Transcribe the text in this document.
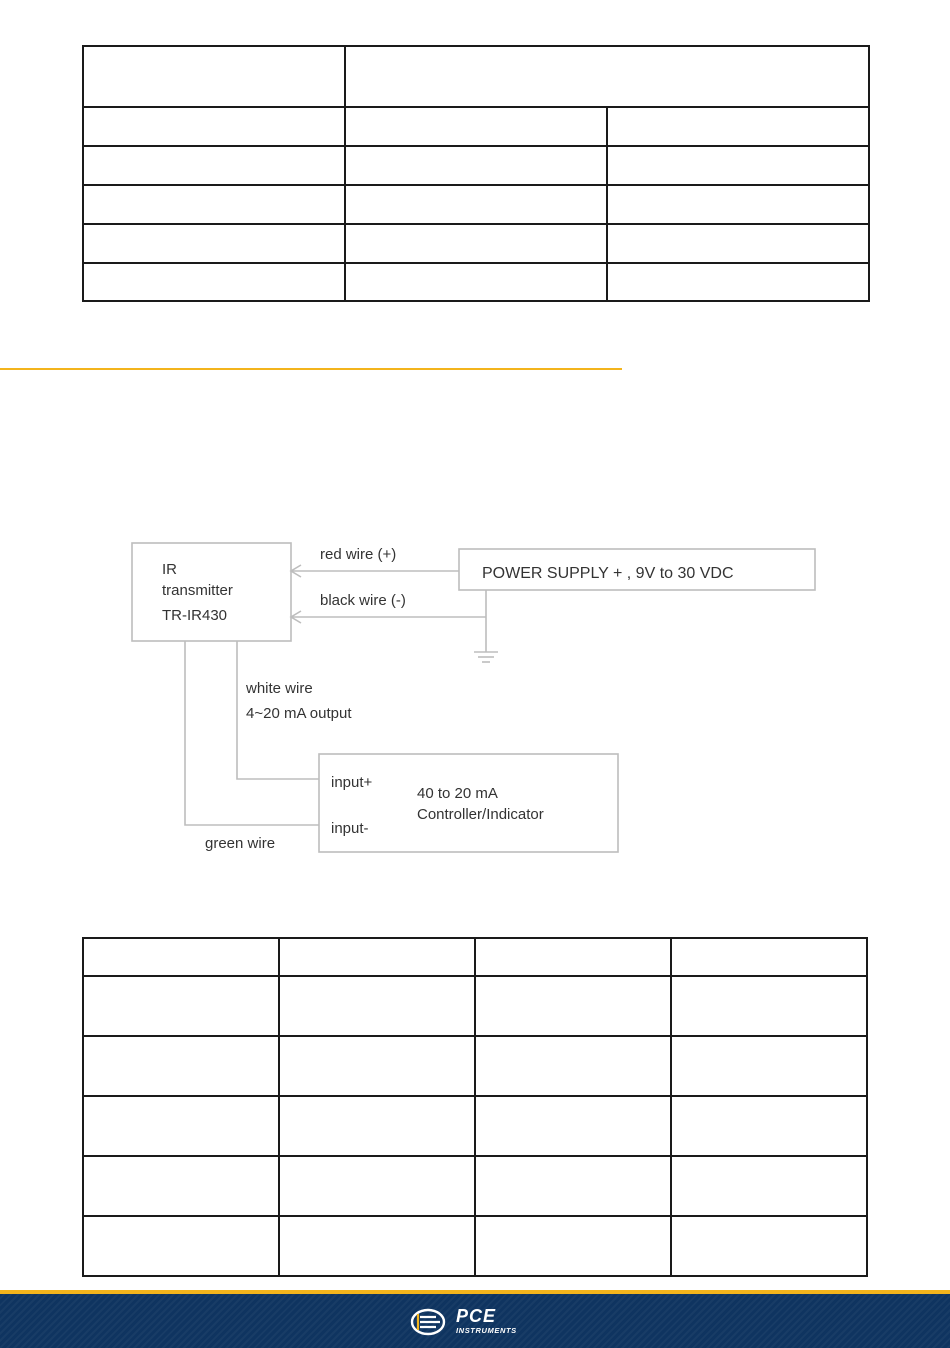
IR
transmitter
TR-IR430
red wire (+)
black wire (-)
POWER SUPPLY + , 9V to 30 VDC
white wire
4~20 mA output
input+
input-
40 to 20 mA
Controller/Indicator
green wire

PCE
INSTRUMENTS
